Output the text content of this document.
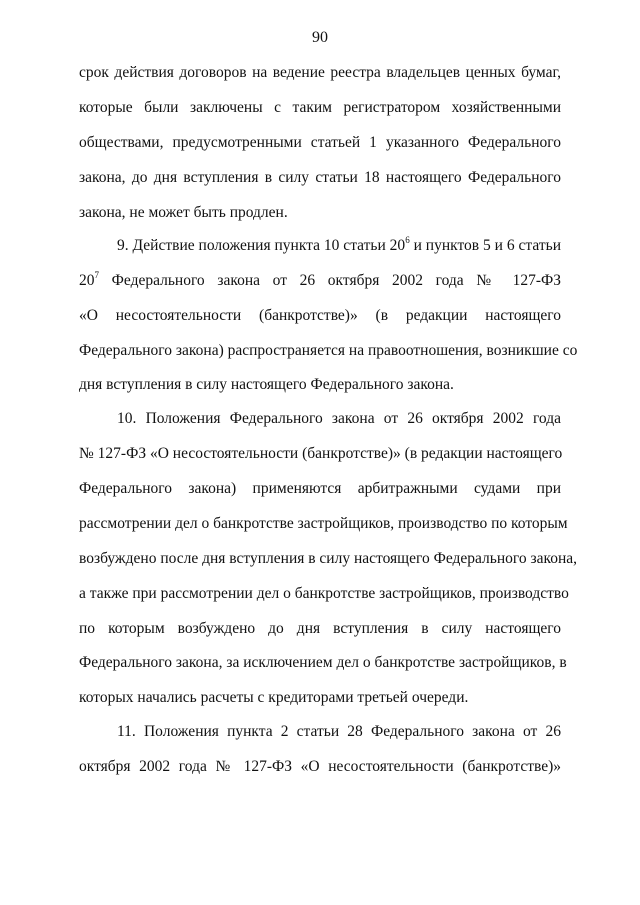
90
срок действия договоров на ведение реестра владельцев ценных бумаг,
которые были заключены с таким регистратором хозяйственными
обществами, предусмотренными статьей 1 указанного Федерального
закона, до дня вступления в силу статьи 18 настоящего Федерального
закона, не может быть продлен.
9. Действие положения пункта 10 статьи $20^6$ и пунктов 5 и 6 статьи
$20^7$ Федерального закона от 26 октября 2002 года № 127-ФЗ
«О несостоятельности (банкротстве)» (в редакции настоящего
Федерального закона) распространяется на правоотношения, возникшие со
дня вступления в силу настоящего Федерального закона.
10. Положения Федерального закона от 26 октября 2002 года
№ 127-ФЗ «О несостоятельности (банкротстве)» (в редакции настоящего
Федерального закона) применяются арбитражными судами при
рассмотрении дел о банкротстве застройщиков, производство по которым
возбуждено после дня вступления в силу настоящего Федерального закона,
а также при рассмотрении дел о банкротстве застройщиков, производство
по которым возбуждено до дня вступления в силу настоящего
Федерального закона, за исключением дел о банкротстве застройщиков, в
которых начались расчеты с кредиторами третьей очереди.
11. Положения пункта 2 статьи 28 Федерального закона от 26
октября 2002 года № 127-ФЗ «О несостоятельности (банкротстве)»
